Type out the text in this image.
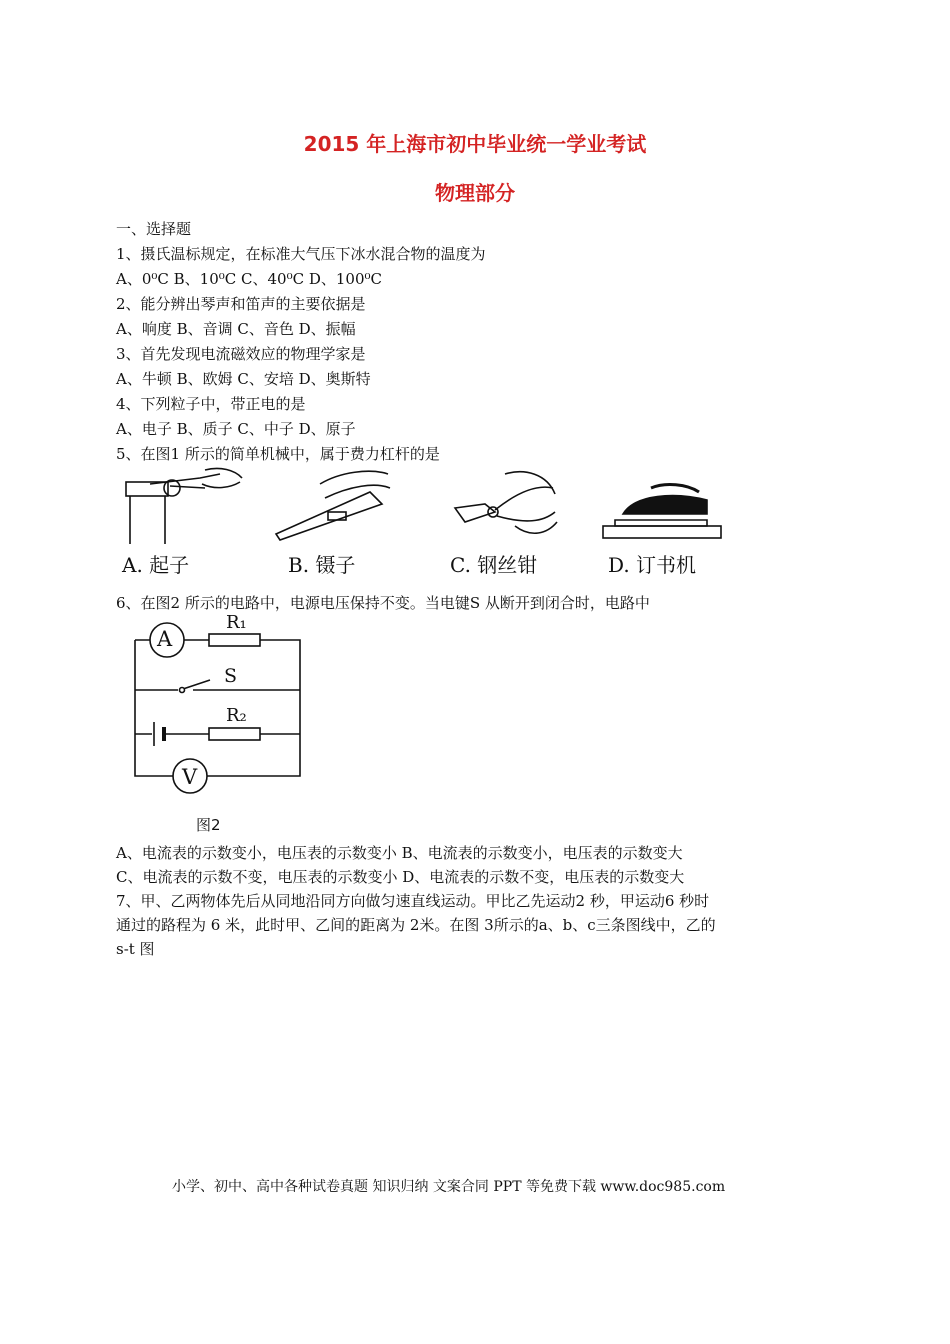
2015 年上海市初中毕业统一学业考试
物理部分
一、选择题
1、摄氏温标规定，在标准大气压下冰水混合物的温度为
A、0⁰C B、10⁰C C、40⁰C D、100⁰C
2、能分辨出琴声和笛声的主要依据是
A、响度 B、音调 C、音色 D、振幅
3、首先发现电流磁效应的物理学家是
A、牛顿 B、欧姆 C、安培 D、奥斯特
4、下列粒子中，带正电的是
A、电子 B、质子 C、中子 D、原子
5、在图1 所示的简单机械中，属于费力杠杆的是
A. 起子	B. 镊子	C. 钢丝钳	D. 订书机
6、在图2 所示的电路中，电源电压保持不变。当电键S 从断开到闭合时，电路中
A
R₁
S
R₂
V
图2
A、电流表的示数变小，电压表的示数变小 B、电流表的示数变小，电压表的示数变大
C、电流表的示数不变，电压表的示数变小 D、电流表的示数不变，电压表的示数变大
7、甲、乙两物体先后从同地沿同方向做匀速直线运动。甲比乙先运动2 秒，甲运动6 秒时
通过的路程为 6 米，此时甲、乙间的距离为 2米。在图 3所示的a、b、c三条图线中，乙的
s-t 图
小学、初中、高中各种试卷真题 知识归纳 文案合同 PPT 等免费下载 www.doc985.com
